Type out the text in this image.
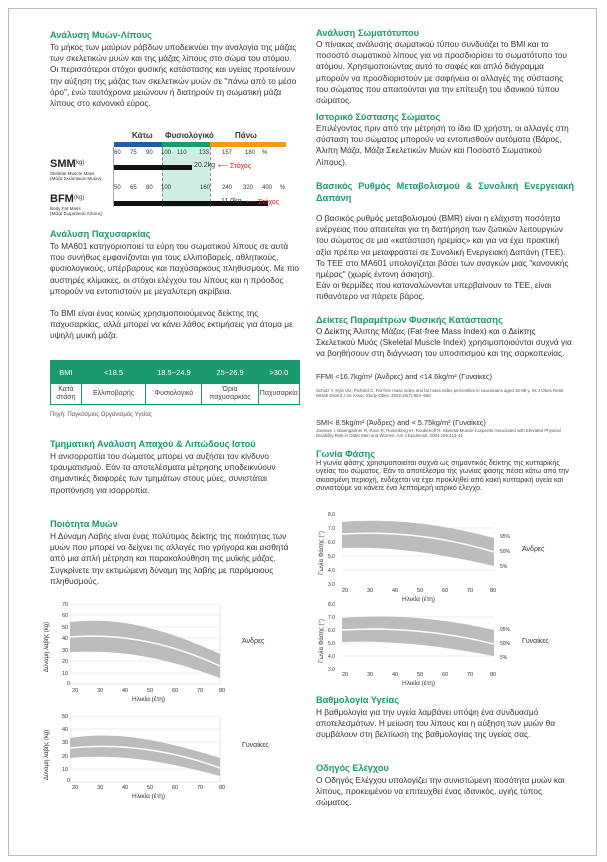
Ανάλυση Μυών-Λίπους

Το μήκος των μαύρων ράβδων υποδεικνύει την αναλογία της μάζας των σκελετικών μυών και της μάζας λίπους στο σώμα του ατόμου. Οι περισσότεροι στόχοι φυσικής κατάστασης και υγείας προτείνουν την αύξηση της μάζας των σκελετικών μυών σε "πάνω από το μέσο όρο", ενώ ταυτόχρονα μειώνουν ή διατηρούν τη σωματική μάζα λίπους στο κανονικό εύρος.

Κάτω Φυσιολογικό	Πάνω
60 75 90 100 110 133 157 180 %
SMM
(kg)
Skeletal Muscle Mass
(Μάζα Σκελετικών Μυών)
20.2kg ⟵ Στόχος
50 65 80 100	160 240 320 400 %
BFM (kg)
Body Fat Mass
(Μάζα Σωματικού Λίπους)
11.0kg ⟵ Στόχος
Ανάλυση Παχυσαρκίας

Το MA601 κατηγοριοποιεί τα εύρη του σωματικού λίπους σε αυτά που συνήθως εμφανίζονται για τους ελλιποβαρείς, αθλητικούς, φυσιολογικούς, υπέρβαρους και παχύσαρκους πληθυσμούς. Με πιο αυστηρές κλίμακες, οι στόχοι ελέγχου του λίπους και η πρόοδος μπορούν να εντοπιστούν με μεγαλύτερη ακρίβεια.

Το BMI είναι ένας κοινώς χρησιμοποιούμενος δείκτης της παχυσαρκίας, αλλά μπορεί να κάνει λάθος εκτιμήσεις για άτομα με υψηλή μυική μάζα.

BMI	<18.5	18.5~24.9	25~26.9	>30.0
Κατά στάση	Ελλιποβαρής	Φυσιολογικό	Όρια παχυσαρκίας	Παχυσαρκία
Πηγή: Παγκόσμιος Οργανισμός Υγείας
Τμηματική Ανάλυση Απαχού & Λιπώδους Ιστού

Η ανισορροπία του σώματος μπορεί να αυξήσει τον κίνδυνο τραυματισμού. Εάν τα αποτελέσματα μέτρησης υποδεικνύουν σημαντικές διαφορές των τμημάτων στους μύες, συνιστάται προπόνηση για ισορροπία.

Ποιότητα Μυών

Η Δύναμη Λαβής είναι ένας πολύτιμος δείκτης της ποιότητας των μυών που μπορεί να δείχνει τις αλλαγές πιο γρήγορα και αισθητά από μια απλή μέτρηση και παρακολούθηση της μυϊκής μάζας. Συγκρίνετε την εκτιμώμενη δύναμη της λαβής με παρόμοιους πληθυσμούς.

Δύναμη λαβής (kg)
70
60
50
40
30
20
10
0
20	30	40	50	60	70	80
Ηλικία (έτη)
Άνδρες
Δύναμη λαβής (kg)
50
40
30
20
10
0
20	30	40	50	60	70	80
Ηλικία (έτη)
Γυναίκες
Ανάλυση Σωματότυπου

Ο πίνακας ανάλυσης σωματικού τύπου συνδυάζει το BMI και το ποσοστό σωματικού λίπους για να προσδιορίσει το σωματότυπο του ατόμου. Χρησιμοποιώντας αυτό το σαφές και απλό διάγραμμα μπορούν να προσδιοριστούν με σαφήνεια οι αλλαγές της σύστασης του σώματος που απαιτούνται για την επίτευξη του ιδανικού τύπου σώματος.

Ιστορικό Σύστασης Σώματος

Επιλέγοντας πριν από την μέτρηση το ίδιο ID χρήστη, οι αλλαγές στη σύσταση του σώματος μπορούν να εντοπισθούν αυτόματα (Βάρος, Άλιπη Μάζα, Μάζα Σκελετικών Μυών και Ποσοστό Σωματικού Λίπους).

Βασικός Ρυθμός Μεταβολισμού & Συνολική Ενεργειακή Δαπάνη

Ο βασικός ρυθμός μεταβολισμού (BMR) είναι η ελάχιστη ποσότητα ενέργειας που απαιτείται για τη διατήρηση των ζωτικών λειτουργιών του σώματος σε μια «κατάσταση ηρεμίας» και για να έχει πρακτική αξία πρέπει να μεταφραστεί σε Συνολική Ενεργειακή Δαπάνη (TEE).

Το TEE στο MA601 υπολογίζεται βάσει των αναγκών μιας "κανονικής ημέρας" (χωρίς έντονη άσκηση).

Εάν οι θερμίδες που καταναλώνονται υπερβαίνουν το TEE, είναι πιθανότερο να πάρετε βάρος.

Δείκτες Παραμέτρων Φυσικής Κατάστασης

Ο Δείκτης Άλιπης Μάζας (Fat-free Mass Index) και ο Δείκτης Σκελετικού Μυός (Skeletal Muscle Index) χρησιμοποιούνται συχνά για να βοηθήσουν στη διάγνωση του υποσιτισμού και της σαρκοπενίας.

FFMI <16.7kg/m² (Άνδρες) and <14.6kg/m² (Γυναίκες)

Schutz Y, Kyle UU, Pichard C. Fat-free mass index and fat mass index percentiles in caucasians aged 18-98 y. Int J Obes Relat Metab Disord J Int Assoc Study Obes. 2002;26(7):953–960

SMI< 8.5kg/m² (Άνδρες) and < 5.75kg/m² (Γυναίκες)

Janssen I, Baumgartner R, Ross R, Rosenberg IH, Roubenoff R. Skeletal Muscle Cutpoints Associated with Elevated Physical Disability Risk in Older Men and Women. Am J Epidemiol, 2004;159:413-41

Γωνία Φάσης

Η γωνία φάσης χρησιμοποιείται συχνά ως σημαντικός δείκτης της κυτταρικής υγείας του σώματος. Εάν το αποτέλεσμα της γωνίας φάσης πέσει κάτω από την σκιασμένη περιοχή, ενδέχεται να έχει προκληθεί από κακή κυτταρική υγεία και συνιστούμε να κάνετε ένα λεπτομερή ιατρικό έλεγχο.

Γωνία Φάσης (°)
8.0
7.0
6.0
5.0
4.0
3.0
95%
50%
5%
Άνδρες
20	30	40	50	60	70	80
Ηλικία (έτη)
Γωνία Φάσης (°)
8.0
7.0
6.0
5.0
4.0
3.0
95%
50%
5%
Γυναίκες
20	30	40	50	60	70	80
Ηλικία (έτη)
Βαθμολογία Υγείας

Η βαθμολογία για την υγεία λαμβάνει υπόψη ένα συνδυασμό αποτελεσμάτων. Η μείωση του λίπους και η αύξηση των μυών θα συμβάλουν στη βελτίωση της βαθμολογίας της υγείας σας.

Οδηγός Ελέγχου

Ο Οδηγός Ελέγχου υπολογίζει την συνιστώμενη ποσότητα μυών και λίπους, προκειμένου να επιτευχθεί ένας ιδανικός, υγιής τύπος σώματος.
